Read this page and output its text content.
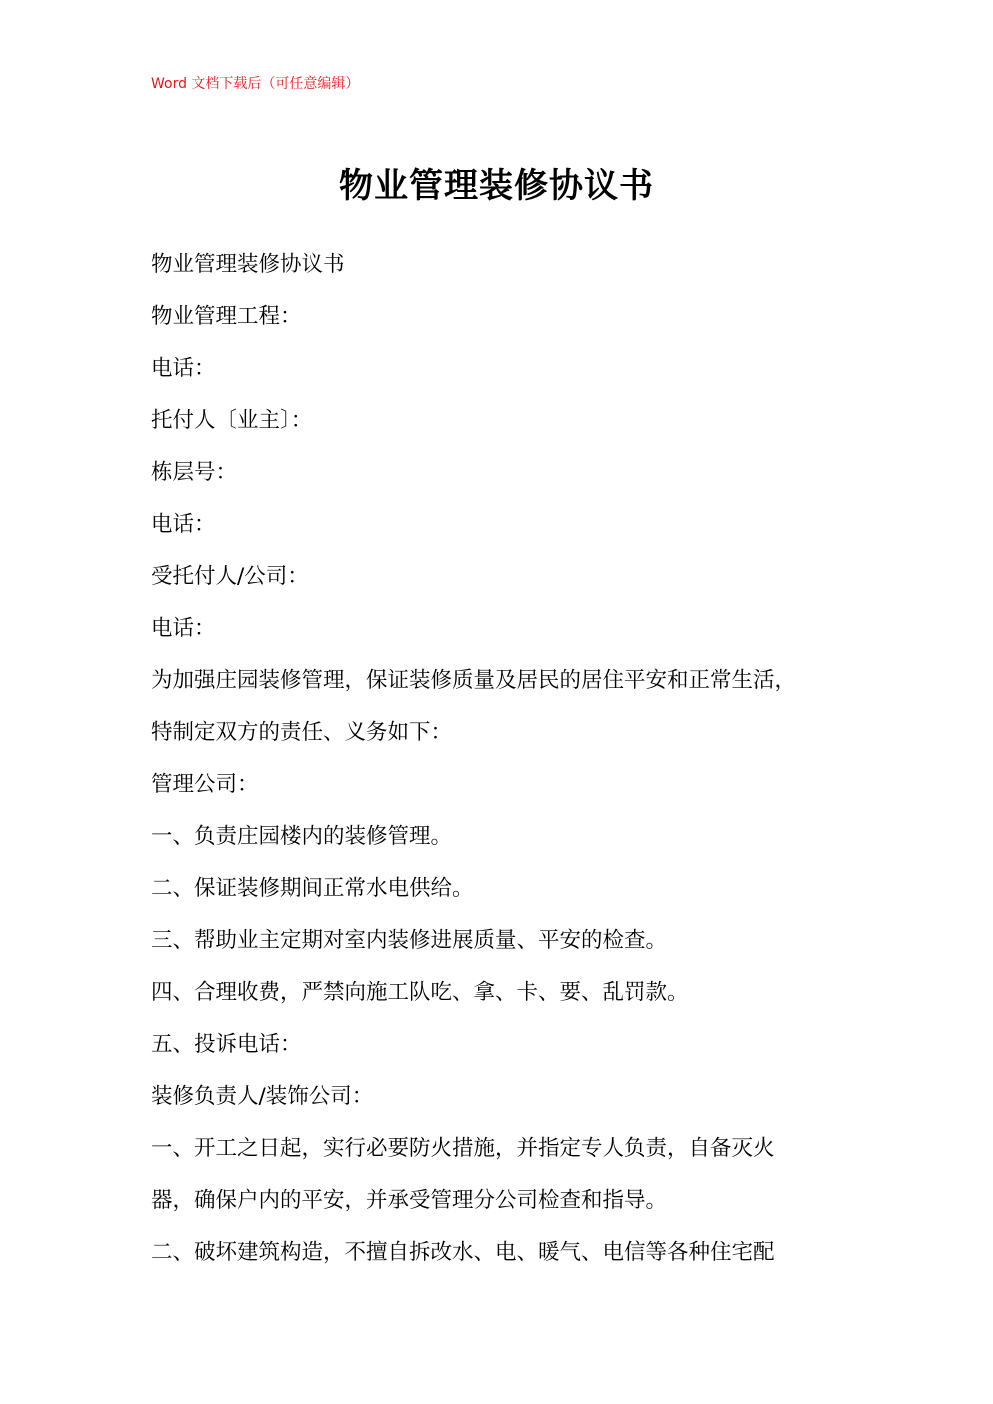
Word 文档下载后（可任意编辑）
物业管理装修协议书
物业管理装修协议书
物业管理工程：
电话：
托付人〔业主〕：
栋层号：
电话：
受托付人/公司：
电话：
为加强庄园装修管理，保证装修质量及居民的居住平安和正常生活，
特制定双方的责任、义务如下：
管理公司：
一、负责庄园楼内的装修管理。
二、保证装修期间正常水电供给。
三、帮助业主定期对室内装修进展质量、平安的检查。
四、合理收费，严禁向施工队吃、拿、卡、要、乱罚款。
五、投诉电话：
装修负责人/装饰公司：
一、开工之日起，实行必要防火措施，并指定专人负责，自备灭火
器，确保户内的平安，并承受管理分公司检查和指导。
二、破坏建筑构造，不擅自拆改水、电、暖气、电信等各种住宅配
